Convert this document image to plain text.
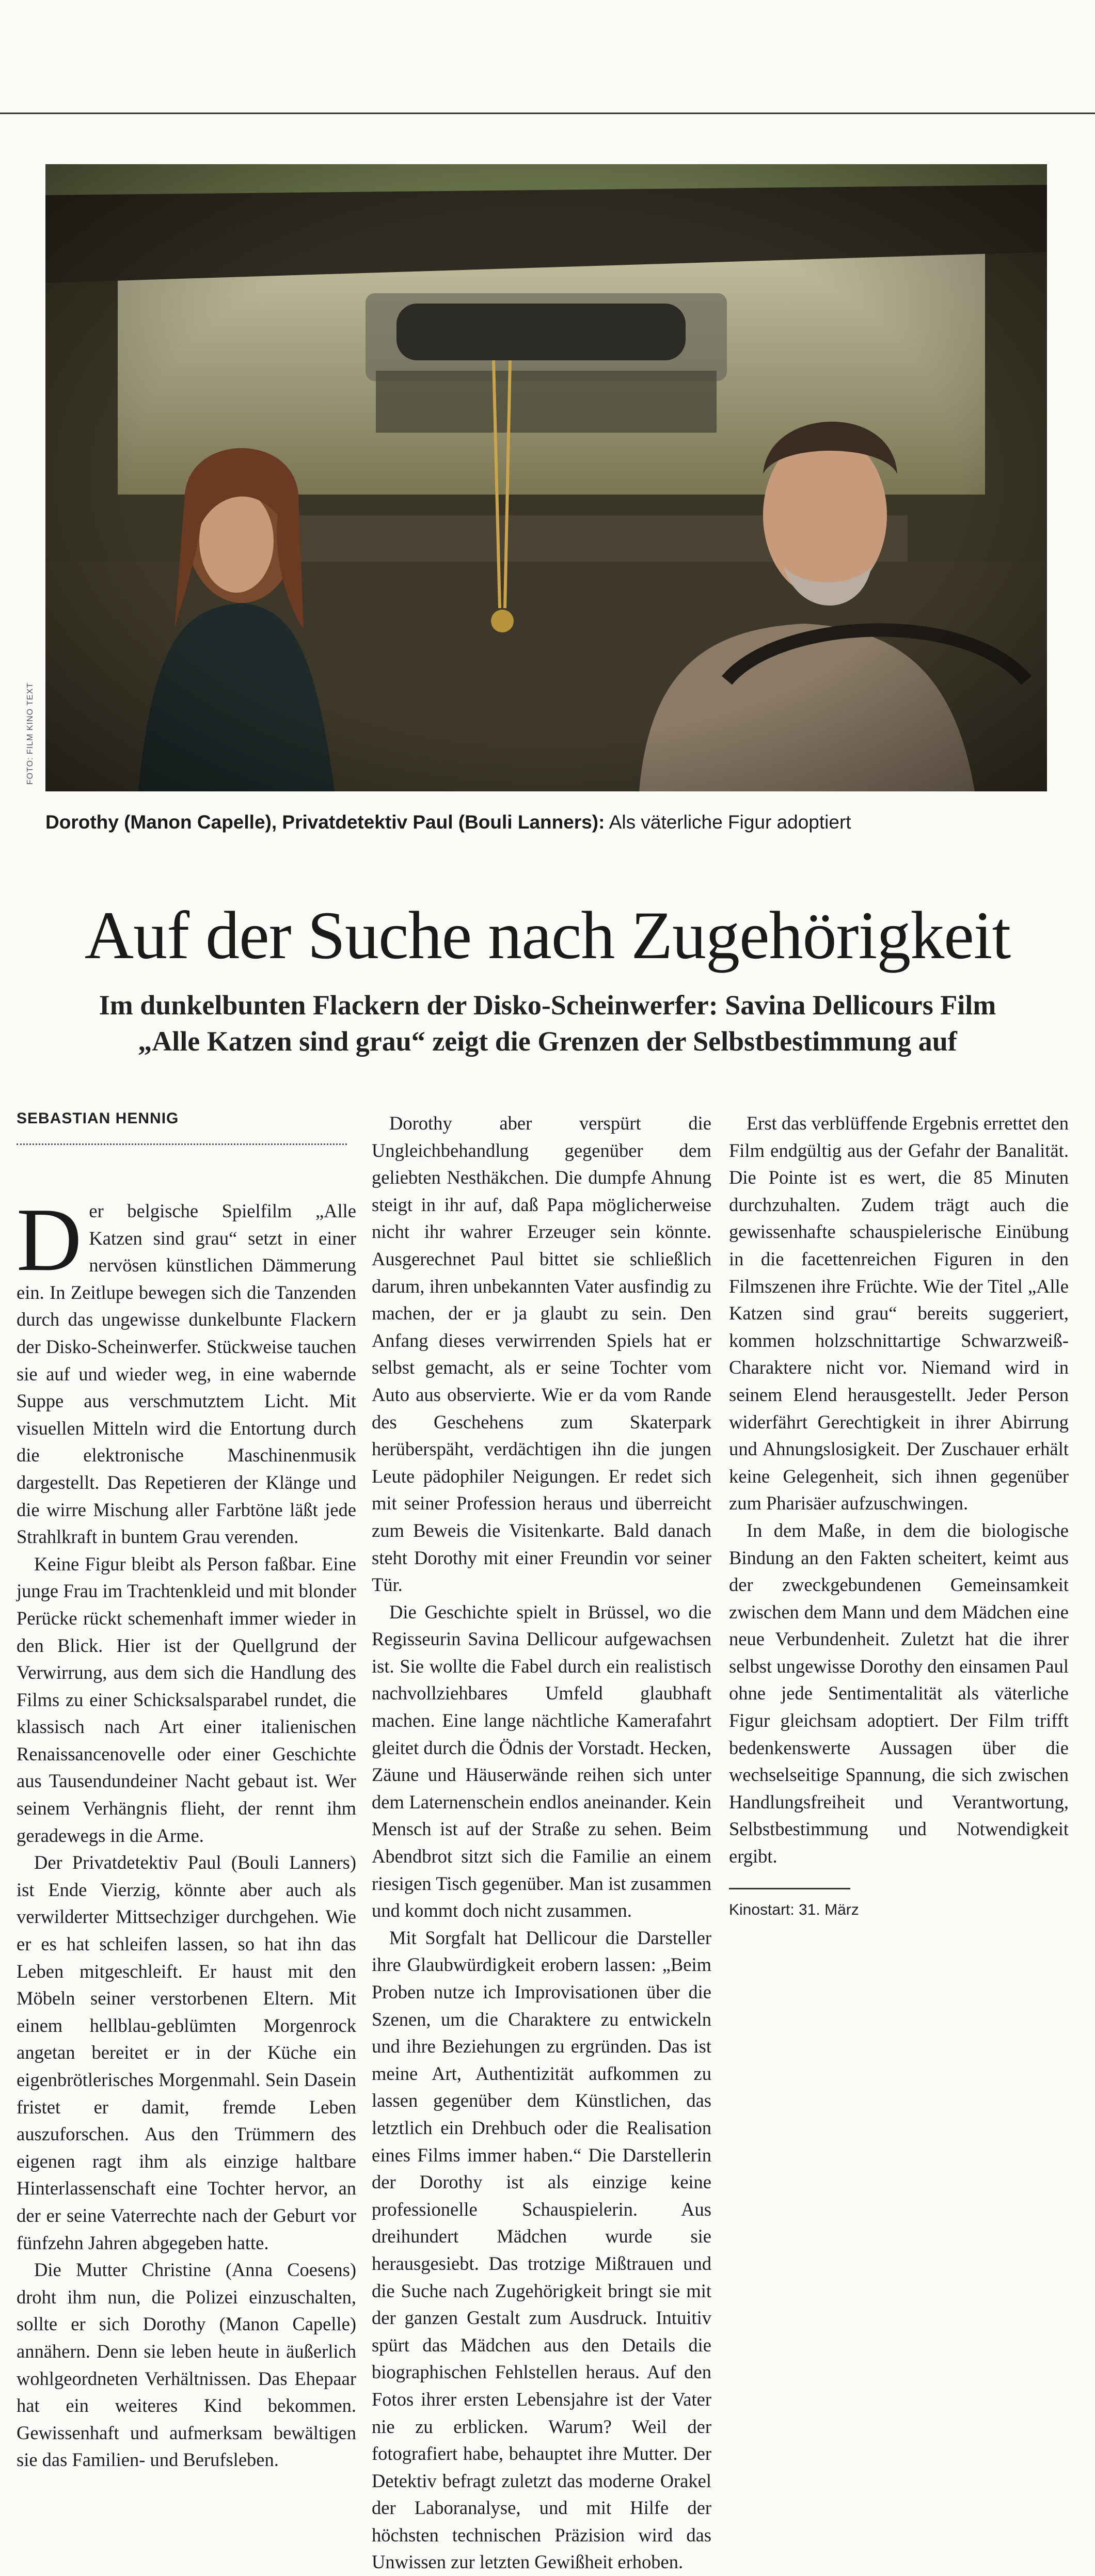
FOTO: FILM KINO TEXT
Dorothy (Manon Capelle), Privatdetektiv Paul (Bouli Lanners): Als väterliche Figur adoptiert
Auf der Suche nach Zugehörigkeit
Im dunkelbunten Flackern der Disko-Scheinwerfer: Savina Dellicours Film
„Alle Katzen sind grau“ zeigt die Grenzen der Selbstbestimmung auf
SEBASTIAN HENNIG

Der belgische Spielfilm „Alle Katzen sind grau“ setzt in einer nervösen künstlichen Dämmerung ein. In Zeitlupe bewegen sich die Tanzenden durch das ungewisse dunkelbunte Flackern der Disko-Scheinwerfer. Stückweise tauchen sie auf und wieder weg, in eine wabernde Suppe aus verschmutztem Licht. Mit visuellen Mitteln wird die Entortung durch die elektronische Maschinenmusik dargestellt. Das Repetieren der Klänge und die wirre Mischung aller Farbtöne läßt jede Strahlkraft in buntem Grau verenden.

Keine Figur bleibt als Person faßbar. Eine junge Frau im Trachtenkleid und mit blonder Perücke rückt schemenhaft immer wieder in den Blick. Hier ist der Quellgrund der Verwirrung, aus dem sich die Handlung des Films zu einer Schicksalsparabel rundet, die klassisch nach Art einer italienischen Renaissancenovelle oder einer Geschichte aus Tausendundeiner Nacht gebaut ist. Wer seinem Verhängnis flieht, der rennt ihm geradewegs in die Arme.

Der Privatdetektiv Paul (Bouli Lanners) ist Ende Vierzig, könnte aber auch als verwilderter Mittsechziger durchgehen. Wie er es hat schleifen lassen, so hat ihn das Leben mitgeschleift. Er haust mit den Möbeln seiner verstorbenen Eltern. Mit einem hellblau-geblümten Morgenrock angetan bereitet er in der Küche ein eigenbrötlerisches Morgenmahl. Sein Dasein fristet er damit, fremde Leben auszuforschen. Aus den Trümmern des eigenen ragt ihm als einzige haltbare Hinterlassenschaft eine Tochter hervor, an der er seine Vaterrechte nach der Geburt vor fünfzehn Jahren abgegeben hatte.

Die Mutter Christine (Anna Coesens) droht ihm nun, die Polizei einzuschalten, sollte er sich Dorothy (Manon Capelle) annähern. Denn sie leben heute in äußerlich wohlgeordneten Verhältnissen. Das Ehepaar hat ein weiteres Kind bekommen. Gewissenhaft und aufmerksam bewältigen sie das Familien- und Berufsleben.

Dorothy aber verspürt die Ungleichbehandlung gegenüber dem geliebten Nesthäkchen. Die dumpfe Ahnung steigt in ihr auf, daß Papa möglicherweise nicht ihr wahrer Erzeuger sein könnte. Ausgerechnet Paul bittet sie schließlich darum, ihren unbekannten Vater ausfindig zu machen, der er ja glaubt zu sein. Den Anfang dieses verwirrenden Spiels hat er selbst gemacht, als er seine Tochter vom Auto aus observierte. Wie er da vom Rande des Geschehens zum Skaterpark herüberspäht, verdächtigen ihn die jungen Leute pädophiler Neigungen. Er redet sich mit seiner Profession heraus und überreicht zum Beweis die Visitenkarte. Bald danach steht Dorothy mit einer Freundin vor seiner Tür.

Die Geschichte spielt in Brüssel, wo die Regisseurin Savina Dellicour aufgewachsen ist. Sie wollte die Fabel durch ein realistisch nachvollziehbares Umfeld glaubhaft machen. Eine lange nächtliche Kamerafahrt gleitet durch die Ödnis der Vorstadt. Hecken, Zäune und Häuserwände reihen sich unter dem Laternenschein endlos aneinander. Kein Mensch ist auf der Straße zu sehen. Beim Abendbrot sitzt sich die Familie an einem riesigen Tisch gegenüber. Man ist zusammen und kommt doch nicht zusammen.

Mit Sorgfalt hat Dellicour die Darsteller ihre Glaubwürdigkeit erobern lassen: „Beim Proben nutze ich Improvisationen über die Szenen, um die Charaktere zu entwickeln und ihre Beziehungen zu ergründen. Das ist meine Art, Authentizität aufkommen zu lassen gegenüber dem Künstlichen, das letztlich ein Drehbuch oder die Realisation eines Films immer haben.“ Die Darstellerin der Dorothy ist als einzige keine professionelle Schauspielerin. Aus dreihundert Mädchen wurde sie herausgesiebt. Das trotzige Mißtrauen und die Suche nach Zugehörigkeit bringt sie mit der ganzen Gestalt zum Ausdruck. Intuitiv spürt das Mädchen aus den Details die biographischen Fehlstellen heraus. Auf den Fotos ihrer ersten Lebensjahre ist der Vater nie zu erblicken. Warum? Weil der fotografiert habe, behauptet ihre Mutter. Der Detektiv befragt zuletzt das moderne Orakel der Laboranalyse, und mit Hilfe der höchsten technischen Präzision wird das Unwissen zur letzten Gewißheit erhoben.

Erst das verblüffende Ergebnis errettet den Film endgültig aus der Gefahr der Banalität. Die Pointe ist es wert, die 85 Minuten durchzuhalten. Zudem trägt auch die gewissenhafte schauspielerische Einübung in die facettenreichen Figuren in den Filmszenen ihre Früchte. Wie der Titel „Alle Katzen sind grau“ bereits suggeriert, kommen holzschnittartige Schwarzweiß-Charaktere nicht vor. Niemand wird in seinem Elend herausgestellt. Jeder Person widerfährt Gerechtigkeit in ihrer Abirrung und Ahnungslosigkeit. Der Zuschauer erhält keine Gelegenheit, sich ihnen gegenüber zum Pharisäer aufzuschwingen.

In dem Maße, in dem die biologische Bindung an den Fakten scheitert, keimt aus der zweckgebundenen Gemeinsamkeit zwischen dem Mann und dem Mädchen eine neue Verbundenheit. Zuletzt hat die ihrer selbst ungewisse Dorothy den einsamen Paul ohne jede Sentimentalität als väterliche Figur gleichsam adoptiert. Der Film trifft bedenkenswerte Aussagen über die wechselseitige Spannung, die sich zwischen Handlungsfreiheit und Verantwortung, Selbstbestimmung und Notwendigkeit ergibt.

Kinostart: 31. März
